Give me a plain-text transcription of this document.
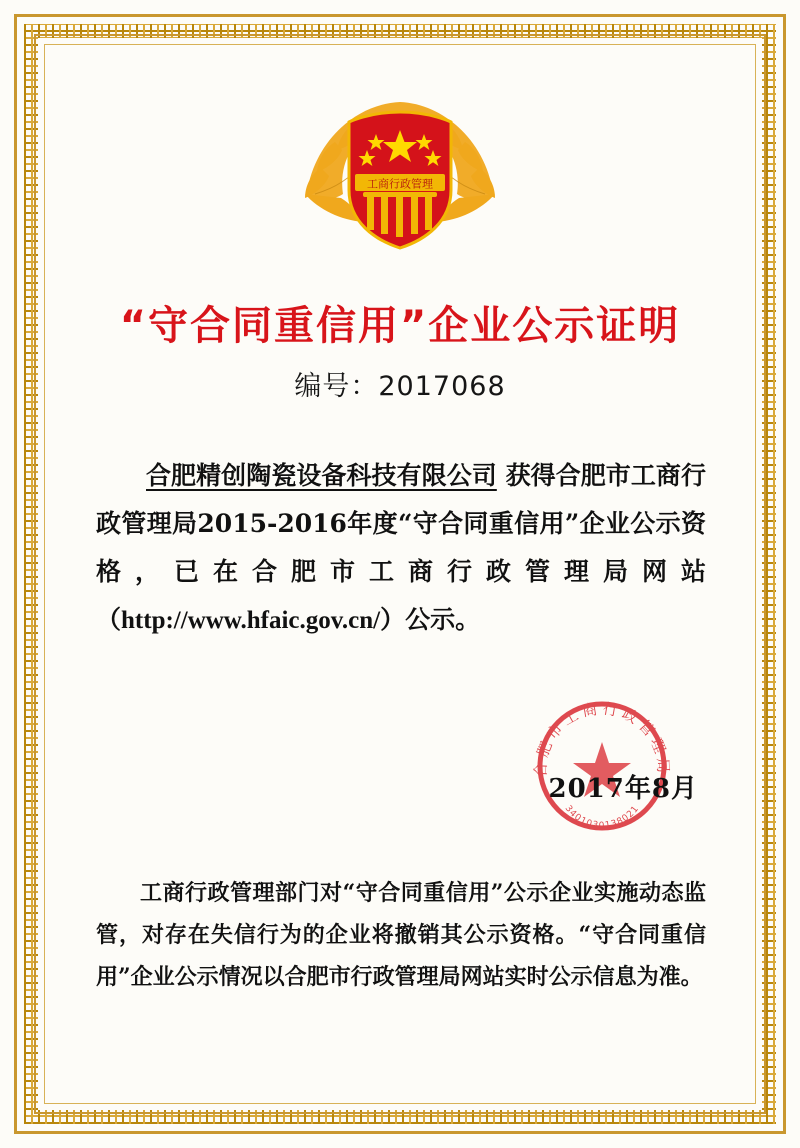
工商行政管理
“守合同重信用”企业公示证明
编号：2017068
合肥精创陶瓷设备科技有限公司 获得合肥市工商行政管理局2015-2016年度“守合同重信用”企业公示资格，已在合肥市工商行政管理局网站（http://www.hfaic.gov.cn/）公示。
合肥市工商行政管理局
3401030138021
2017年8月
工商行政管理部门对“守合同重信用”公示企业实施动态监管，对存在失信行为的企业将撤销其公示资格。“守合同重信用”企业公示情况以合肥市行政管理局网站实时公示信息为准。
